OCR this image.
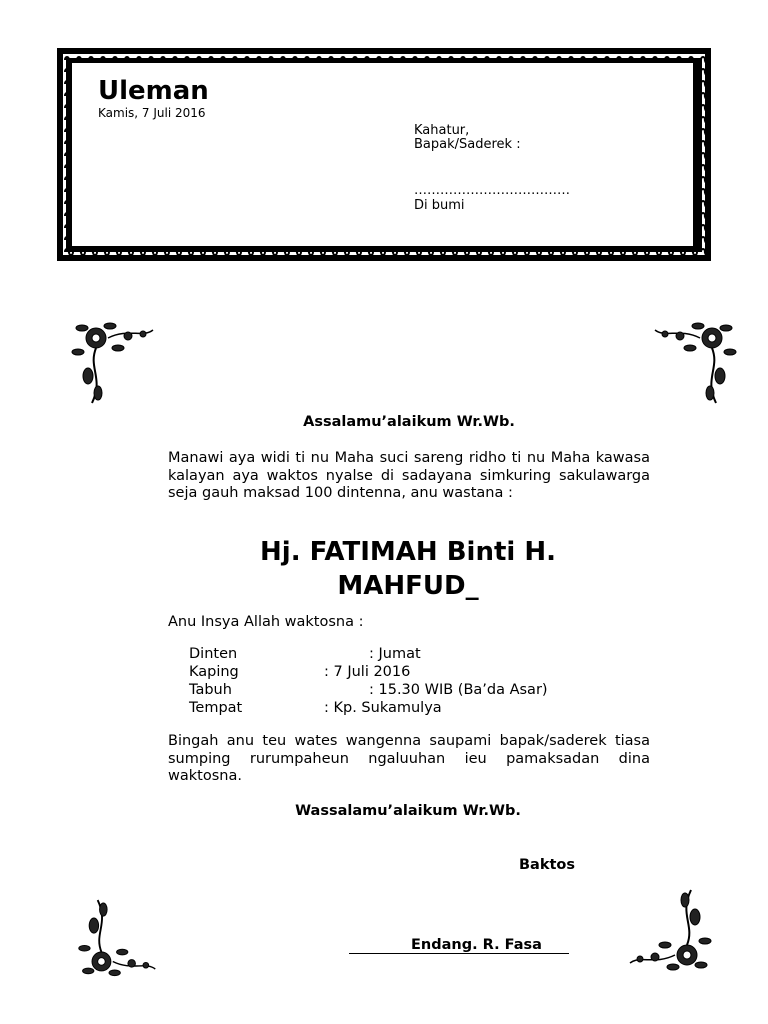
Uleman
Kamis, 7 Juli 2016
Kahatur,
Bapak/Saderek :
………………………………
Di bumi
Assalamu’alaikum Wr.Wb.
Manawi aya widi ti nu Maha suci sareng ridho ti nu Maha kawasa kalayan aya waktos nyalse di sadayana simkuring sakulawarga seja gauh maksad 100 dintenna, anu wastana :
Hj. FATIMAH Binti H.
MAHFUD_
Anu Insya Allah waktosna :
Dinten	: Jumat
Kaping	: 7 Juli 2016
Tabuh	: 15.30 WIB (Ba’da Asar)
Tempat	: Kp. Sukamulya
Bingah anu teu wates wangenna saupami bapak/saderek tiasa sumping rurumpaheun ngaluuhan ieu pamaksadan dina waktosna.
Wassalamu’alaikum Wr.Wb.
Baktos
Endang. R. Fasa
